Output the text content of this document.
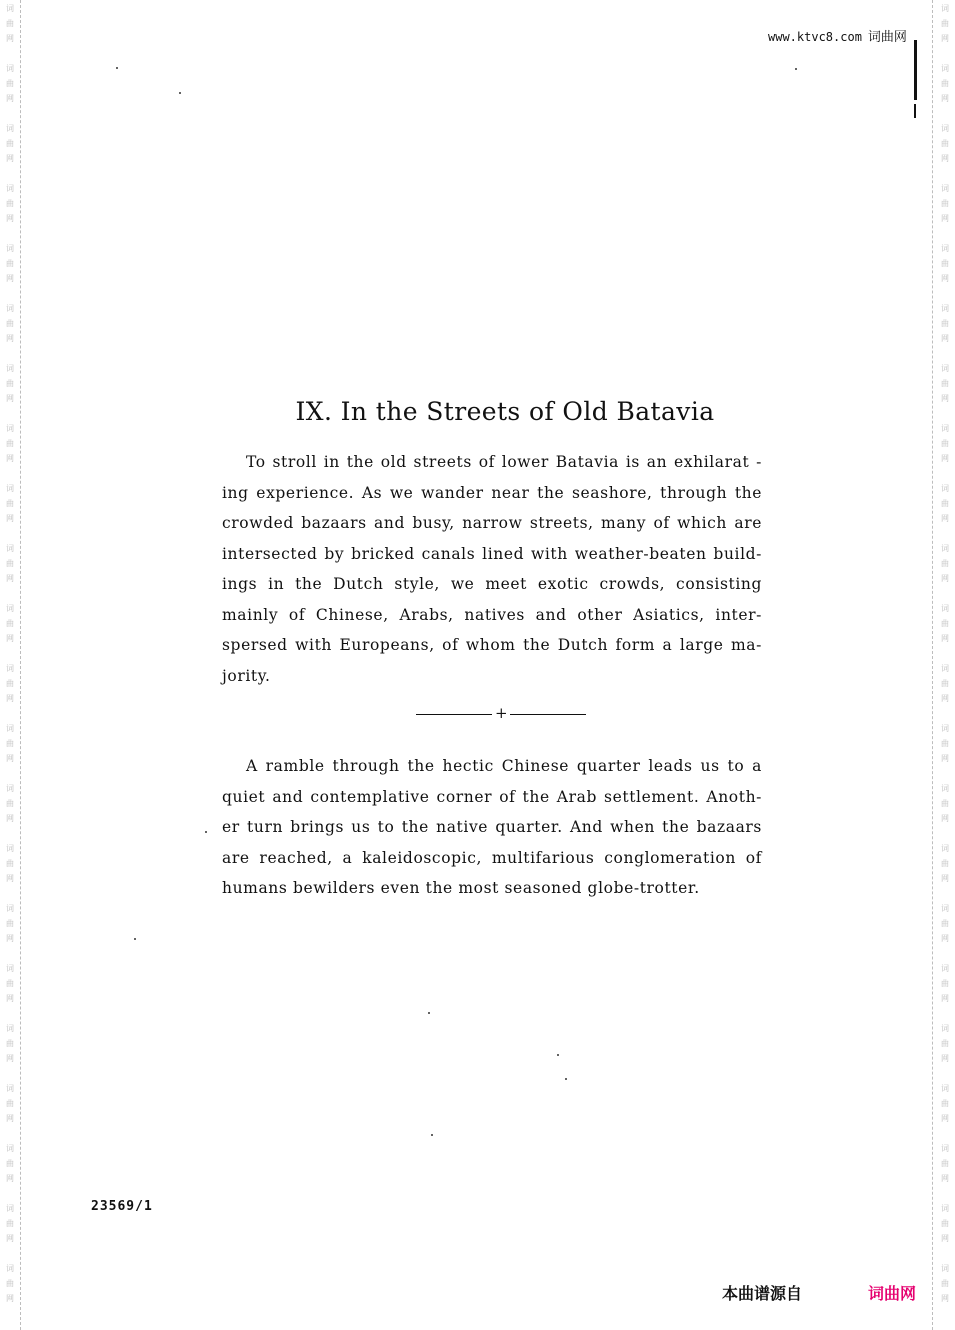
词
曲
网
词
曲
网
词
曲
网
词
曲
网
词
曲
网
词
曲
网
词
曲
网
词
曲
网
词
曲
网
词
曲
网
词
曲
网
词
曲
网
词
曲
网
词
曲
网
词
曲
网
词
曲
网
词
曲
网
词
曲
网
词
曲
网
词
曲
网
词
曲
网
词
曲
网
词
曲
网
词
曲
网
词
曲
网
词
曲
网
词
曲
网
词
曲
网
词
曲
网
词
曲
网
词
曲
网
词
曲
网
词
曲
网
词
曲
网
词
曲
网
词
曲
网
词
曲
网
词
曲
网
词
曲
网
词
曲
网
词
曲
网
词
曲
网
词
曲
网
词
曲
网
www.ktvc8.com 词曲网
IX. In the Streets of Old Batavia
To stroll in the old streets of lower Batavia is an exhilarat -
ing experience. As we wander near the seashore, through the
crowded bazaars and busy, narrow streets, many of which are
intersected by bricked canals lined with weather-beaten build-
ings in the Dutch style, we meet exotic crowds, consisting
mainly of Chinese, Arabs, natives and other Asiatics, inter-
spersed with Europeans, of whom the Dutch form a large ma-
jority.
+
A ramble through the hectic Chinese quarter leads us to a
quiet and contemplative corner of the Arab settlement. Anoth-
er turn brings us to the native quarter. And when the bazaars
are reached, a kaleidoscopic, multifarious conglomeration of
humans bewilders even the most seasoned globe-trotter.
23569/1
本曲谱源自	词曲网
